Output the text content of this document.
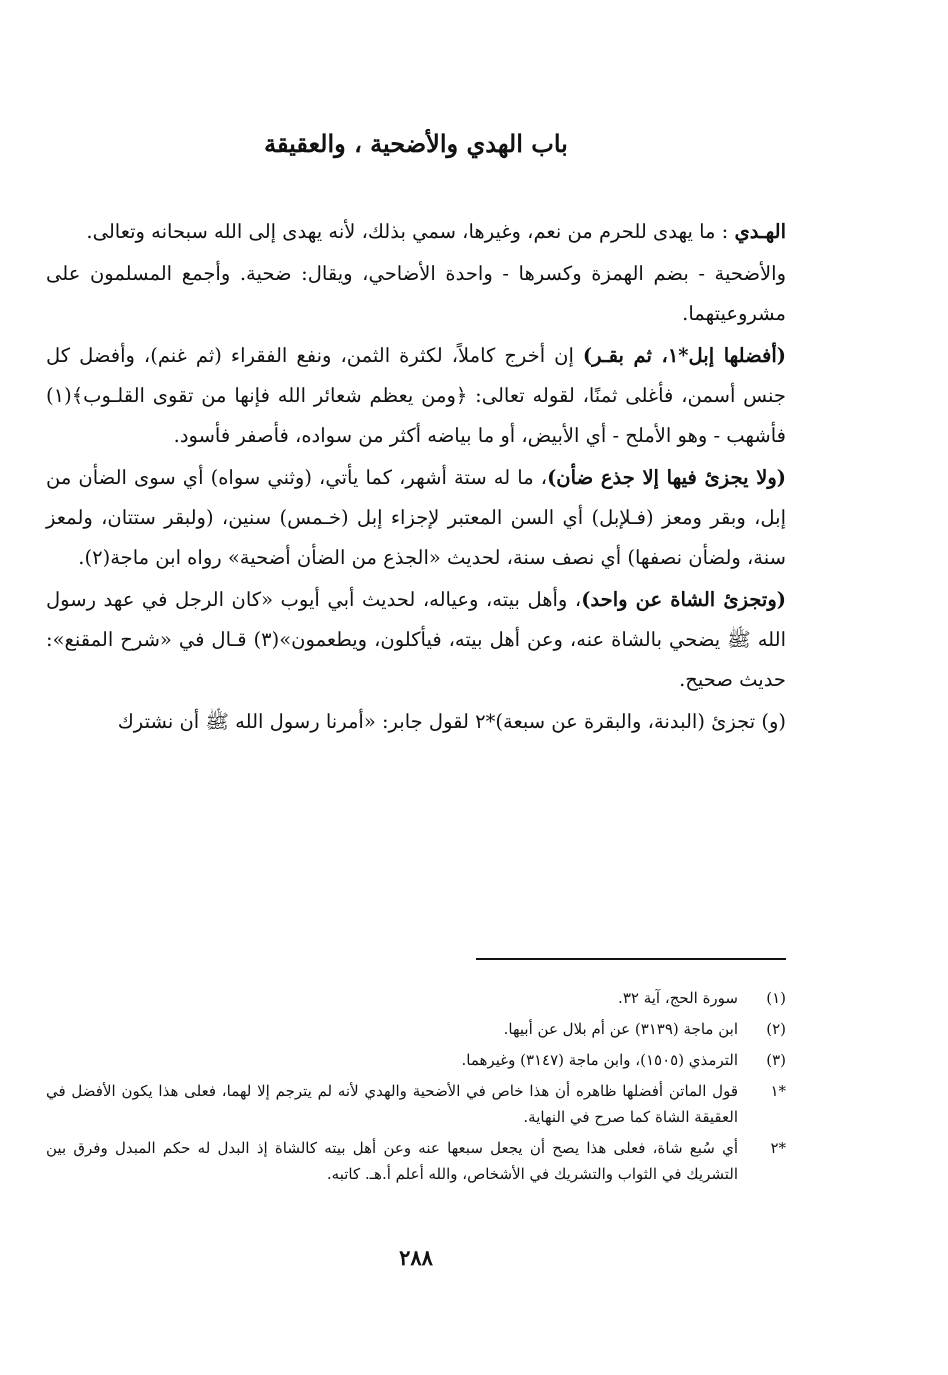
باب الهدي والأضحية ، والعقيقة

الهـدي : ما يهدى للحرم من نعم، وغيرها، سمي بذلك، لأنه يهدى إلى الله سبحانه وتعالى.

والأضحية - بضم الهمزة وكسرها - واحدة الأضاحي، ويقال: ضحية. وأجمع المسلمون على مشروعيتهما.

(أفضلها إبل*١، ثم بقـر) إن أخرج كاملاً، لكثرة الثمن، ونفع الفقراء (ثم غنم)، وأفضل كل جنس أسمن، فأغلى ثمنًا، لقوله تعالى: ﴿ومن يعظم شعائر الله فإنها من تقوى القلـوب﴾(١) فأشهب - وهو الأملح - أي الأبيض، أو ما بياضه أكثر من سواده، فأصفر فأسود.

(ولا يجزئ فيها إلا جذع ضأن)، ما له ستة أشهر، كما يأتي، (وثني سواه) أي سوى الضأن من إبل، وبقر ومعز (فـلإبل) أي السن المعتبر لإجزاء إبل (خـمس) سنين، (ولبقر ستتان، ولمعز سنة، ولضأن نصفها) أي نصف سنة، لحديث «الجذع من الضأن أضحية» رواه ابن ماجة(٢).

(وتجزئ الشاة عن واحد)، وأهل بيته، وعياله، لحديث أبي أيوب «كان الرجل في عهد رسول الله ﷺ يضحي بالشاة عنه، وعن أهل بيته، فيأكلون، ويطعمون»(٣) قـال في «شرح المقنع»: حديث صحيح.

(و) تجزئ (البدنة، والبقرة عن سبعة)*٢ لقول جابر: «أمرنا رسول الله ﷺ أن نشترك

(١)
سورة الحج، آية ٣٢.
(٢)
ابن ماجة (٣١٣٩) عن أم بلال عن أبيها.
(٣)
الترمذي (١٥٠٥)، وابن ماجة (٣١٤٧) وغيرهما.
*١
قول الماتن أفضلها ظاهره أن هذا خاص في الأضحية والهدي لأنه لم يترجم إلا لهما، فعلى هذا يكون الأفضل في العقيقة الشاة كما صرح في النهاية.
*٢
أي سُبع شاة، فعلى هذا يصح أن يجعل سبعها عنه وعن أهل بيته كالشاة إذ البدل له حكم المبدل وفرق بين التشريك في الثواب والتشريك في الأشخاص، والله أعلم أ.هـ. كاتبه.
٢٨٨
